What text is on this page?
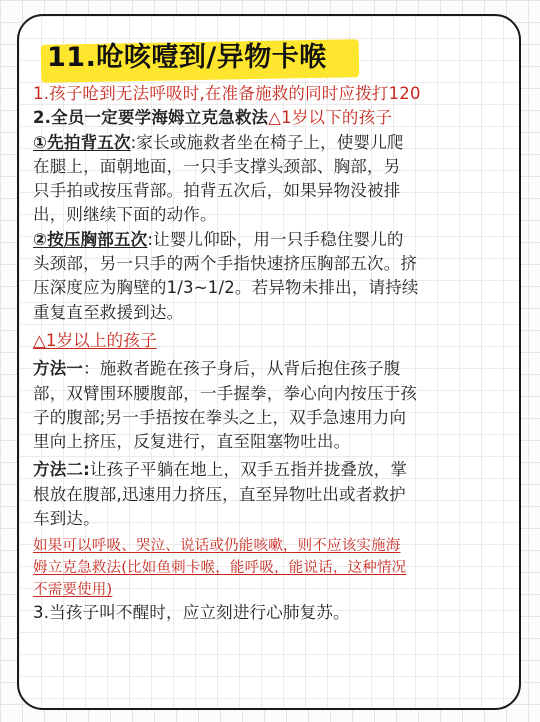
11.呛咳噎到/异物卡喉

1.孩子呛到无法呼吸时,在准备施救的同时应拨打120

2.全员一定要学海姆立克急救法△1岁以下的孩子

①先拍背五次:家长或施救者坐在椅子上，使婴儿爬

在腿上，面朝地面，一只手支撑头颈部、胸部，另

只手拍或按压背部。拍背五次后，如果异物没被排

出，则继续下面的动作。

②按压胸部五次:让婴儿仰卧，用一只手稳住婴儿的

头颈部，另一只手的两个手指快速挤压胸部五次。挤

压深度应为胸壁的1/3~1/2。若异物未排出，请持续

重复直至救援到达。

△1岁以上的孩子

方法一：施救者跪在孩子身后，从背后抱住孩子腹

部，双臂围环腰腹部，一手握拳，拳心向内按压于孩

子的腹部;另一手捂按在拳头之上，双手急速用力向

里向上挤压，反复进行，直至阻塞物吐出。

方法二:让孩子平躺在地上，双手五指并拢叠放，掌

根放在腹部,迅速用力挤压，直至异物吐出或者救护

车到达。

如果可以呼吸、哭泣、说话或仍能咳嗽，则不应该实施海

姆立克急救法(比如鱼刺卡喉，能呼吸，能说话，这种情况

不需要使用)

3.当孩子叫不醒时，应立刻进行心肺复苏。
